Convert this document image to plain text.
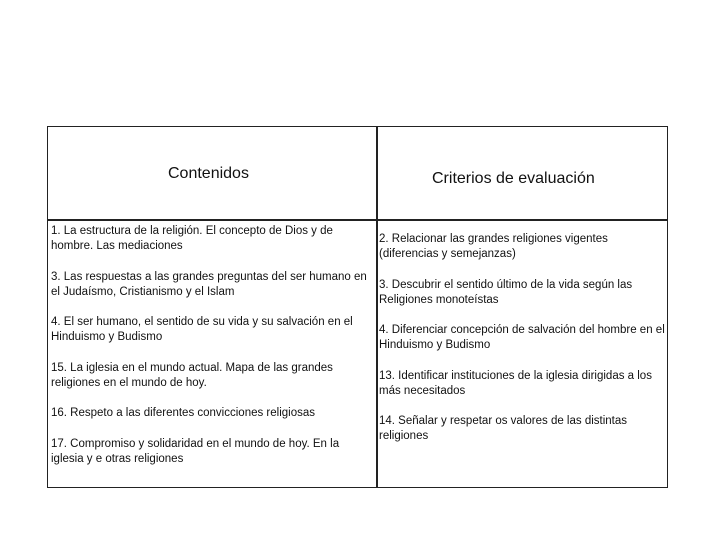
Contenidos	Criterios de evaluación

1. La estructura de la religión. El concepto de Dios y de hombre. Las mediaciones

3. Las respuestas a las grandes preguntas del ser humano en el Judaísmo, Cristianismo y el Islam

4. El ser humano, el sentido de su vida y su salvación en el Hinduismo y Budismo

15. La iglesia en el mundo actual. Mapa de las grandes religiones en el mundo de hoy.

16. Respeto a las diferentes convicciones religiosas

17. Compromiso y solidaridad en el mundo de hoy. En la iglesia y e otras religiones

2. Relacionar las grandes religiones vigentes (diferencias y semejanzas)

3. Descubrir el sentido último de la vida según las Religiones monoteístas

4. Diferenciar concepción de salvación del hombre en el Hinduismo y Budismo

13. Identificar instituciones de la iglesia dirigidas a los más necesitados

14. Señalar y respetar os valores de las distintas religiones
